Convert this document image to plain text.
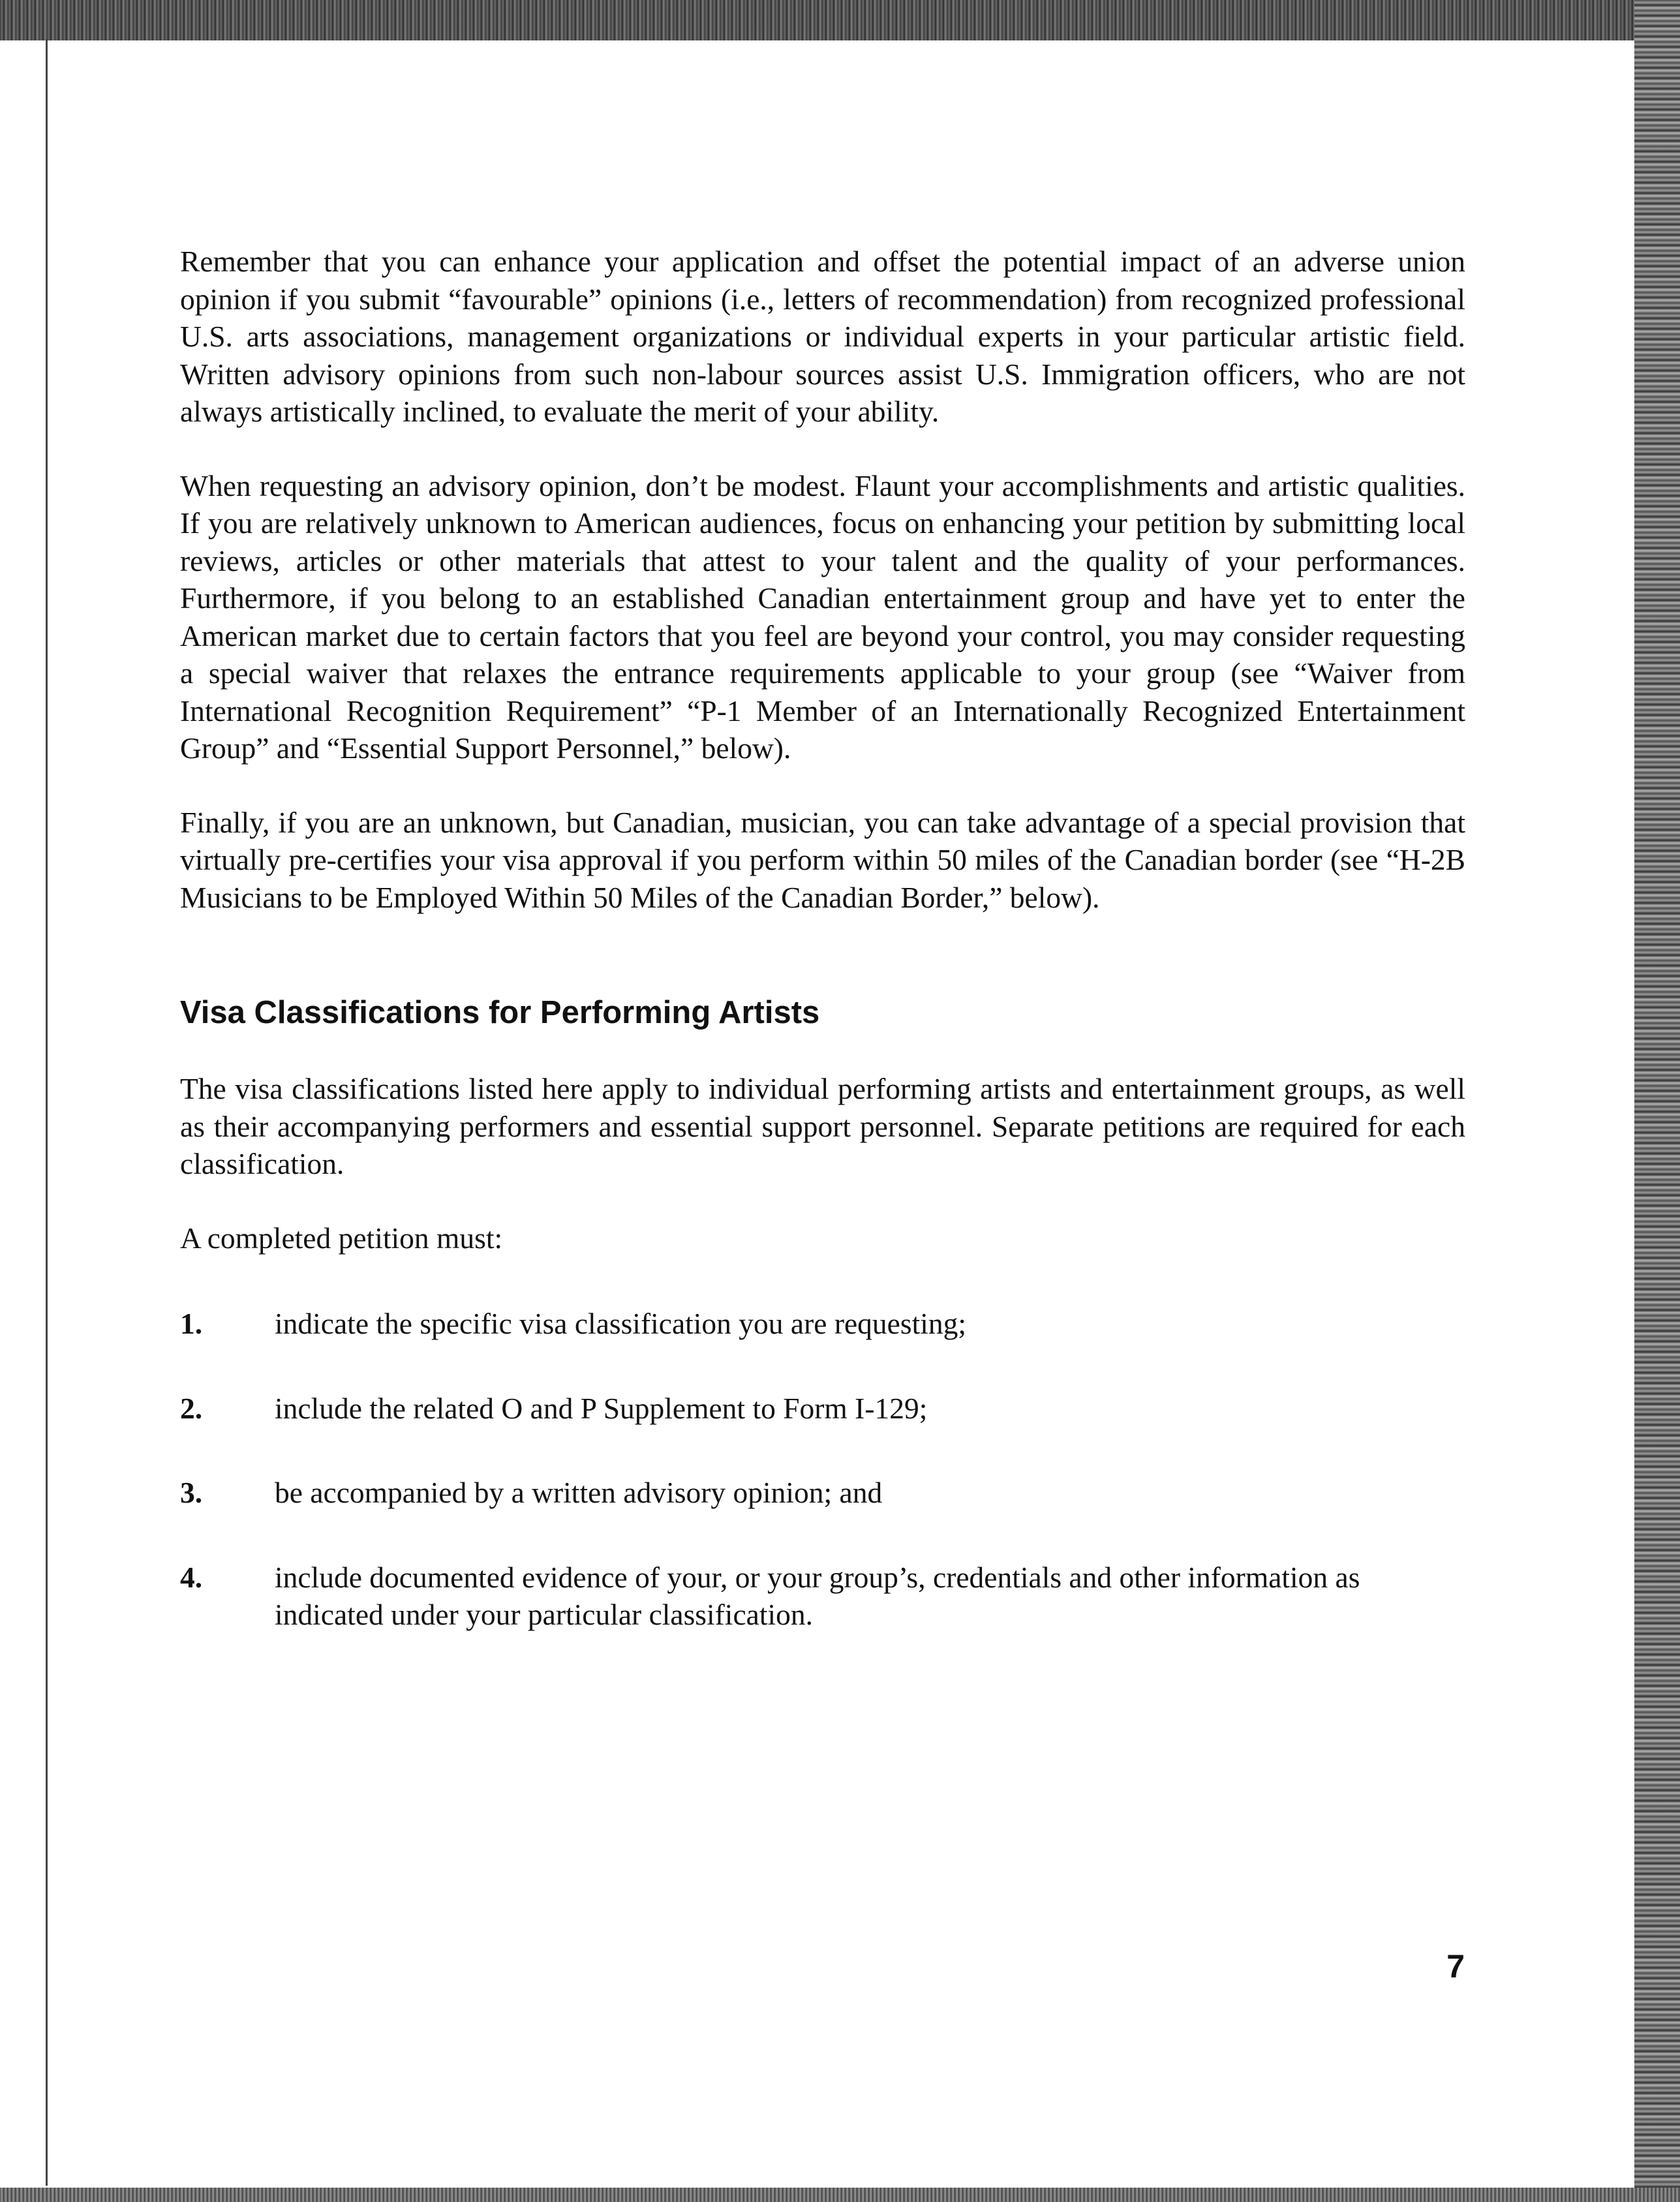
Remember that you can enhance your application and offset the potential impact of an adverse union opinion if you submit “favourable” opinions (i.e., letters of recommendation) from recognized professional U.S. arts associations, management organizations or individual experts in your particular artistic field. Written advisory opinions from such non-labour sources assist U.S. Immigration officers, who are not always artistically inclined, to evaluate the merit of your ability.

When requesting an advisory opinion, don’t be modest. Flaunt your accomplishments and artistic qualities. If you are relatively unknown to American audiences, focus on enhancing your petition by submitting local reviews, articles or other materials that attest to your talent and the quality of your performances. Furthermore, if you belong to an established Canadian entertainment group and have yet to enter the American market due to certain factors that you feel are beyond your control, you may consider requesting a special waiver that relaxes the entrance requirements applicable to your group (see “Waiver from International Recognition Requirement” “P-1 Member of an Internationally Recognized Entertainment Group” and “Essential Support Personnel,” below).

Finally, if you are an unknown, but Canadian, musician, you can take advantage of a special provision that virtually pre-certifies your visa approval if you perform within 50 miles of the Canadian border (see “H-2B Musicians to be Employed Within 50 Miles of the Canadian Border,” below).

Visa Classifications for Performing Artists

The visa classifications listed here apply to individual performing artists and entertainment groups, as well as their accompanying performers and essential support personnel. Separate petitions are required for each classification.

A completed petition must:

1.	indicate the specific visa classification you are requesting;
2.	include the related O and P Supplement to Form I-129;
3.	be accompanied by a written advisory opinion; and
4.	include documented evidence of your, or your group’s, credentials and other information as indicated under your particular classification.
7
